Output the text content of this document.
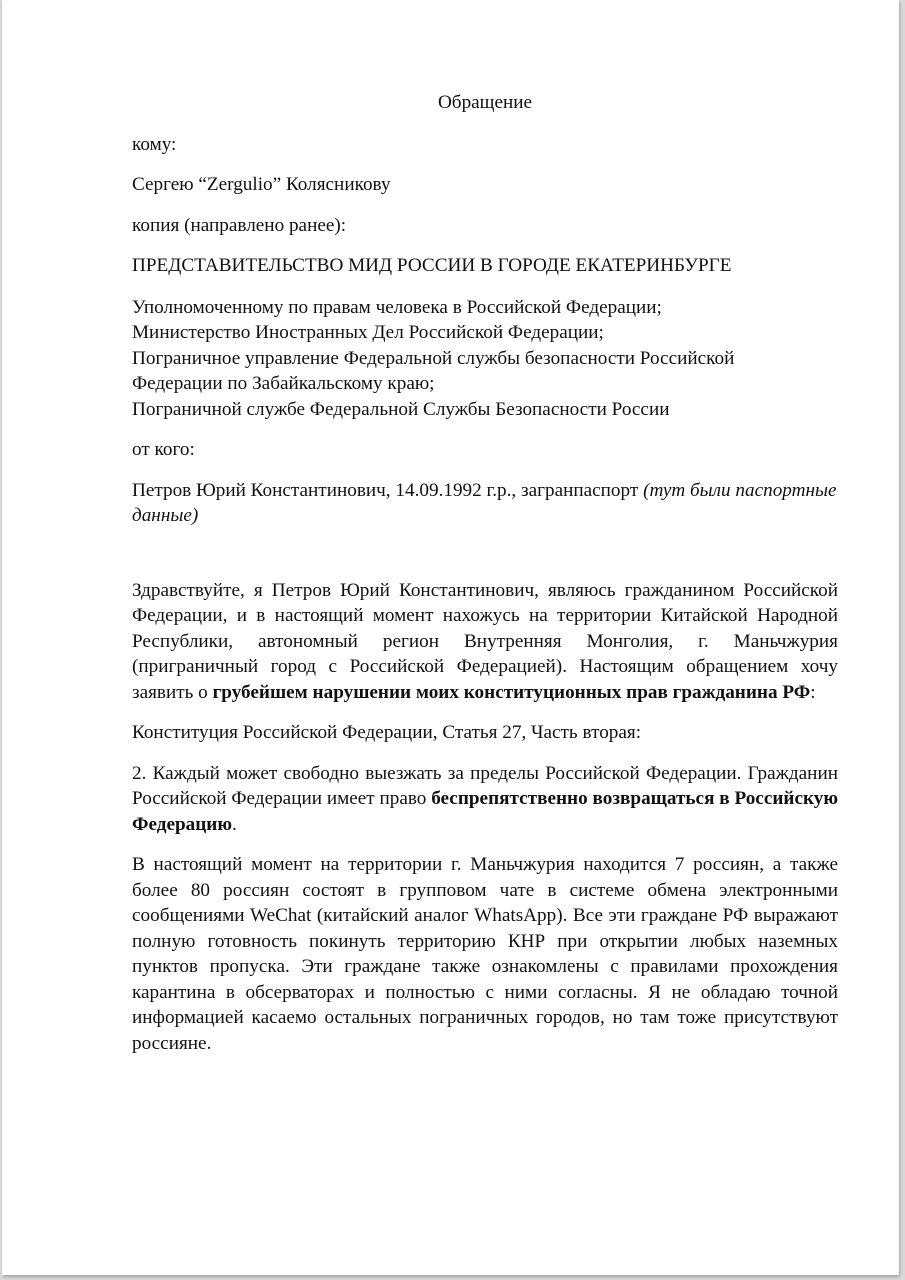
Обращение

кому:

Сергею “Zergulio” Колясникову

копия (направлено ранее):

ПРЕДСТАВИТЕЛЬСТВО МИД РОССИИ В ГОРОДЕ ЕКАТЕРИНБУРГЕ

Уполномоченному по правам человека в Российской Федерации;
Министерство Иностранных Дел Российской Федерации;
Пограничное управление Федеральной службы безопасности Российской Федерации по Забайкальскому краю;
Пограничной службе Федеральной Службы Безопасности России

от кого:

Петров Юрий Константинович, 14.09.1992 г.р., загранпаспорт (тут были паспортные данные)

Здравствуйте, я Петров Юрий Константинович, являюсь гражданином Российской Федерации, и в настоящий момент нахожусь на территории Китайской Народной Республики, автономный регион Внутренняя Монголия, г. Маньчжурия (приграничный город с Российской Федерацией). Настоящим обращением хочу заявить о грубейшем нарушении моих конституционных прав гражданина РФ:

Конституция Российской Федерации, Статья 27, Часть вторая:

2. Каждый может свободно выезжать за пределы Российской Федерации. Гражданин Российской Федерации имеет право беспрепятственно возвращаться в Российскую Федерацию.

В настоящий момент на территории г. Маньчжурия находится 7 россиян, а также более 80 россиян состоят в групповом чате в системе обмена электронными сообщениями WeChat (китайский аналог WhatsApp). Все эти граждане РФ выражают полную готовность покинуть территорию КНР при открытии любых наземных пунктов пропуска. Эти граждане также ознакомлены с правилами прохождения карантина в обсерваторах и полностью с ними согласны. Я не обладаю точной информацией касаемо остальных пограничных городов, но там тоже присутствуют россияне.
